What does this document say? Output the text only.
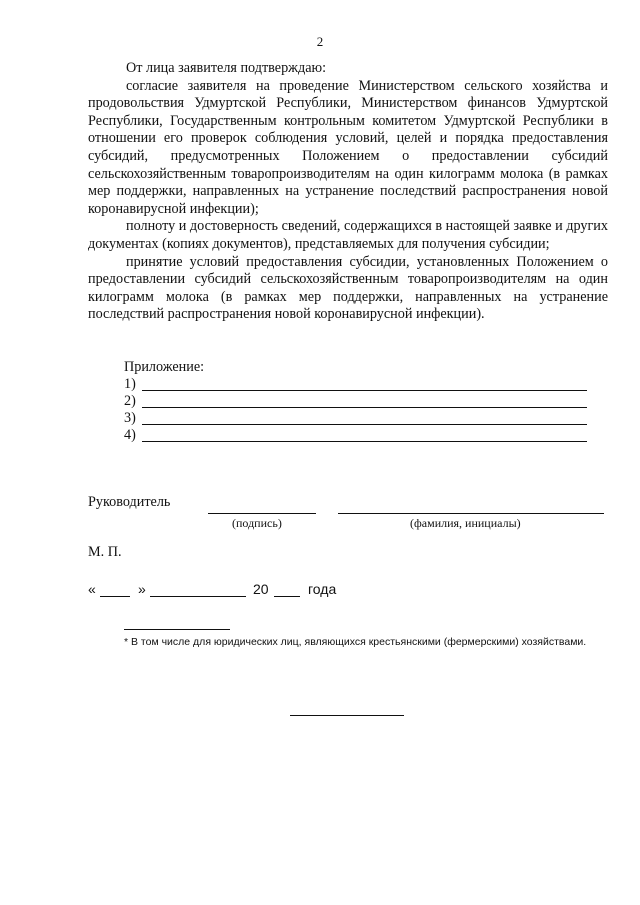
2

От лица заявителя подтверждаю:

согласие заявителя на проведение Министерством сельского хозяйства и продовольствия Удмуртской Республики, Министерством финансов Удмуртской Республики, Государственным контрольным комитетом Удмуртской Республики в отношении его проверок соблюдения условий, целей и порядка предоставления субсидий, предусмотренных Положением о предоставлении субсидий сельскохозяйственным товаропроизводителям на один килограмм молока (в рамках мер поддержки, направленных на устранение последствий распространения новой коронавирусной инфекции);

полноту и достоверность сведений, содержащихся в настоящей заявке и других документах (копиях документов), представляемых для получения субсидии;

принятие условий предоставления субсидии, установленных Положением о предоставлении субсидий сельскохозяйственным товаропроизводителям на один килограмм молока (в рамках мер поддержки, направленных на устранение последствий распространения новой коронавирусной инфекции).

Приложение:
1)
2)
3)
4)
Руководитель
(подпись)	(фамилия, инициалы)
М. П.
«	»	20	года
* В том числе для юридических лиц, являющихся крестьянскими (фермерскими) хозяйствами.
